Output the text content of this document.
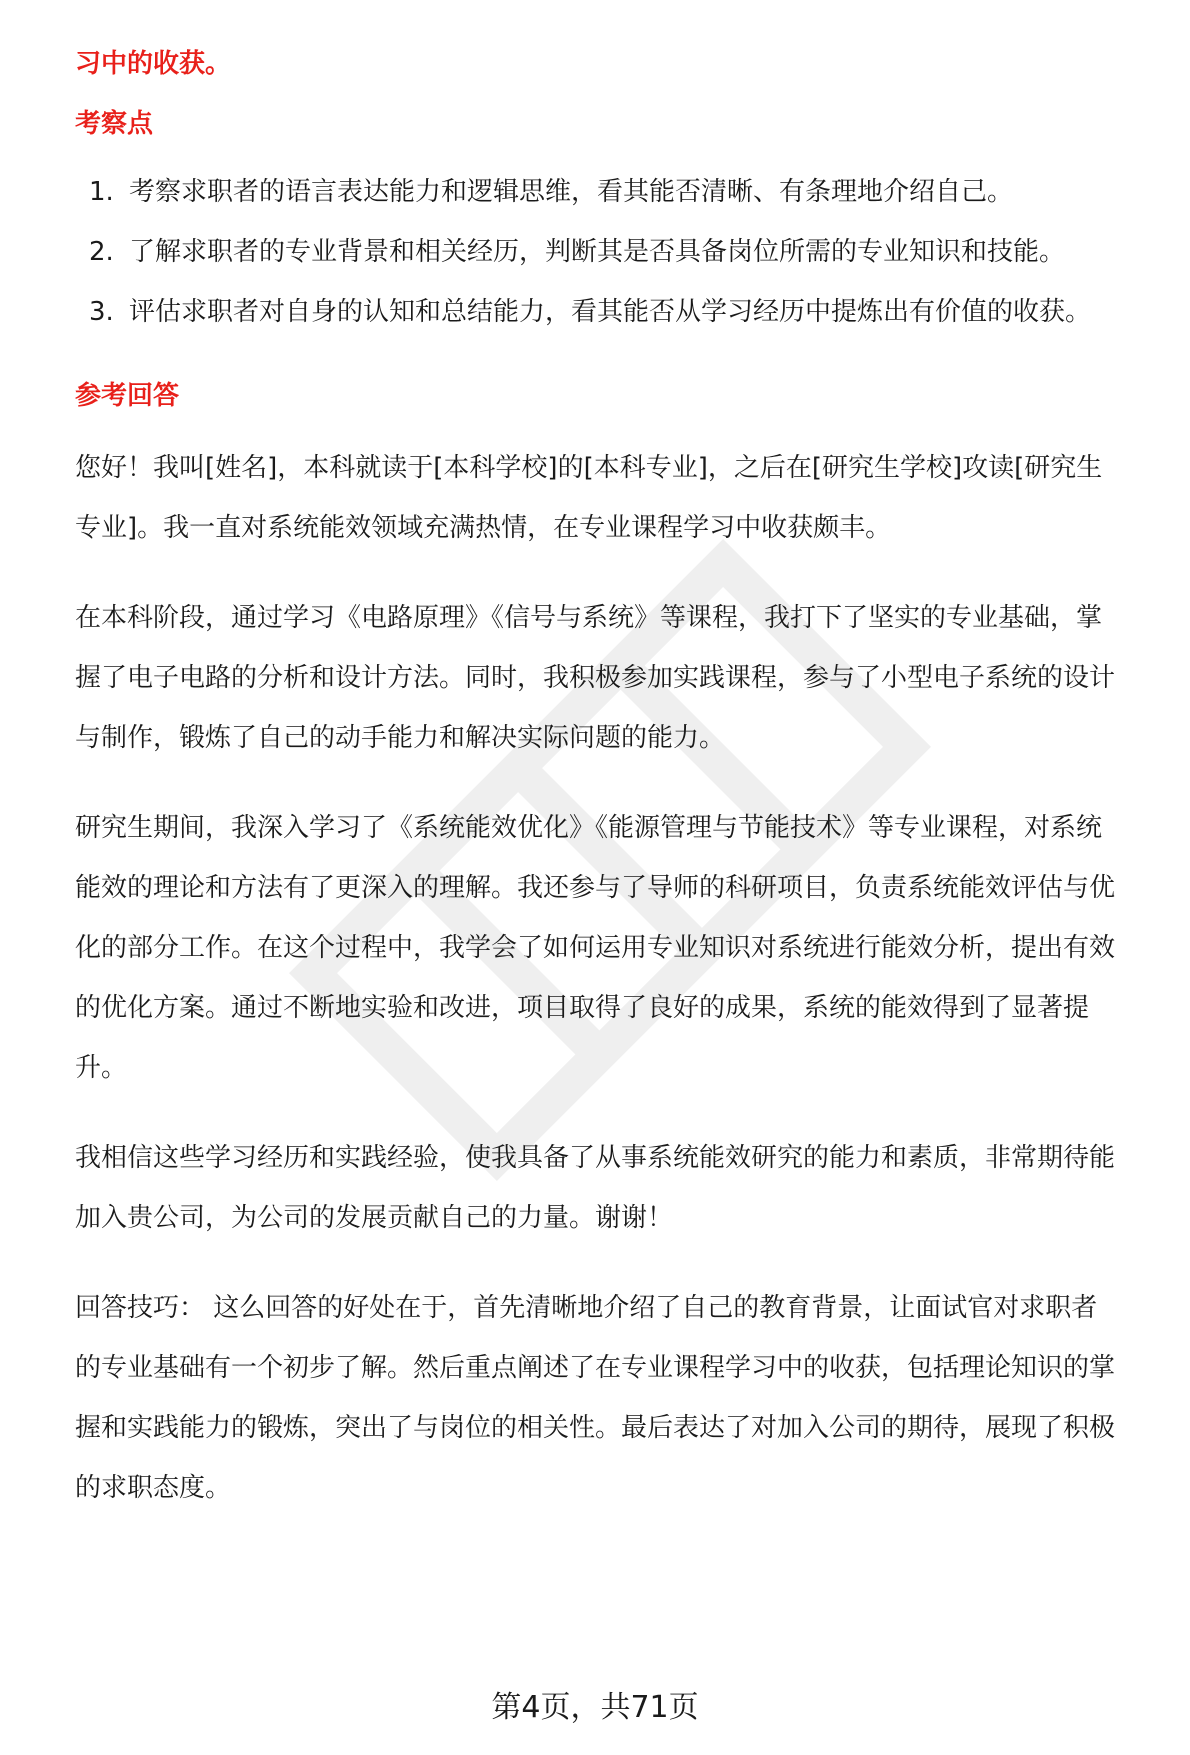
习中的收获。

考察点

1. 考察求职者的语言表达能力和逻辑思维，看其能否清晰、有条理地介绍自己。
2. 了解求职者的专业背景和相关经历，判断其是否具备岗位所需的专业知识和技能。
3. 评估求职者对自身的认知和总结能力，看其能否从学习经历中提炼出有价值的收获。

参考回答

您好！我叫[姓名]，本科就读于[本科学校]的[本科专业]，之后在[研究生学校]攻读[研究生专业]。我一直对系统能效领域充满热情，在专业课程学习中收获颇丰。

在本科阶段，通过学习《电路原理》《信号与系统》等课程，我打下了坚实的专业基础，掌握了电子电路的分析和设计方法。同时，我积极参加实践课程，参与了小型电子系统的设计与制作，锻炼了自己的动手能力和解决实际问题的能力。

研究生期间，我深入学习了《系统能效优化》《能源管理与节能技术》等专业课程，对系统能效的理论和方法有了更深入的理解。我还参与了导师的科研项目，负责系统能效评估与优化的部分工作。在这个过程中，我学会了如何运用专业知识对系统进行能效分析，提出有效的优化方案。通过不断地实验和改进，项目取得了良好的成果，系统的能效得到了显著提升。

我相信这些学习经历和实践经验，使我具备了从事系统能效研究的能力和素质，非常期待能加入贵公司，为公司的发展贡献自己的力量。谢谢！

回答技巧： 这么回答的好处在于，首先清晰地介绍了自己的教育背景，让面试官对求职者的专业基础有一个初步了解。然后重点阐述了在专业课程学习中的收获，包括理论知识的掌握和实践能力的锻炼，突出了与岗位的相关性。最后表达了对加入公司的期待，展现了积极的求职态度。

第4页，共71页
